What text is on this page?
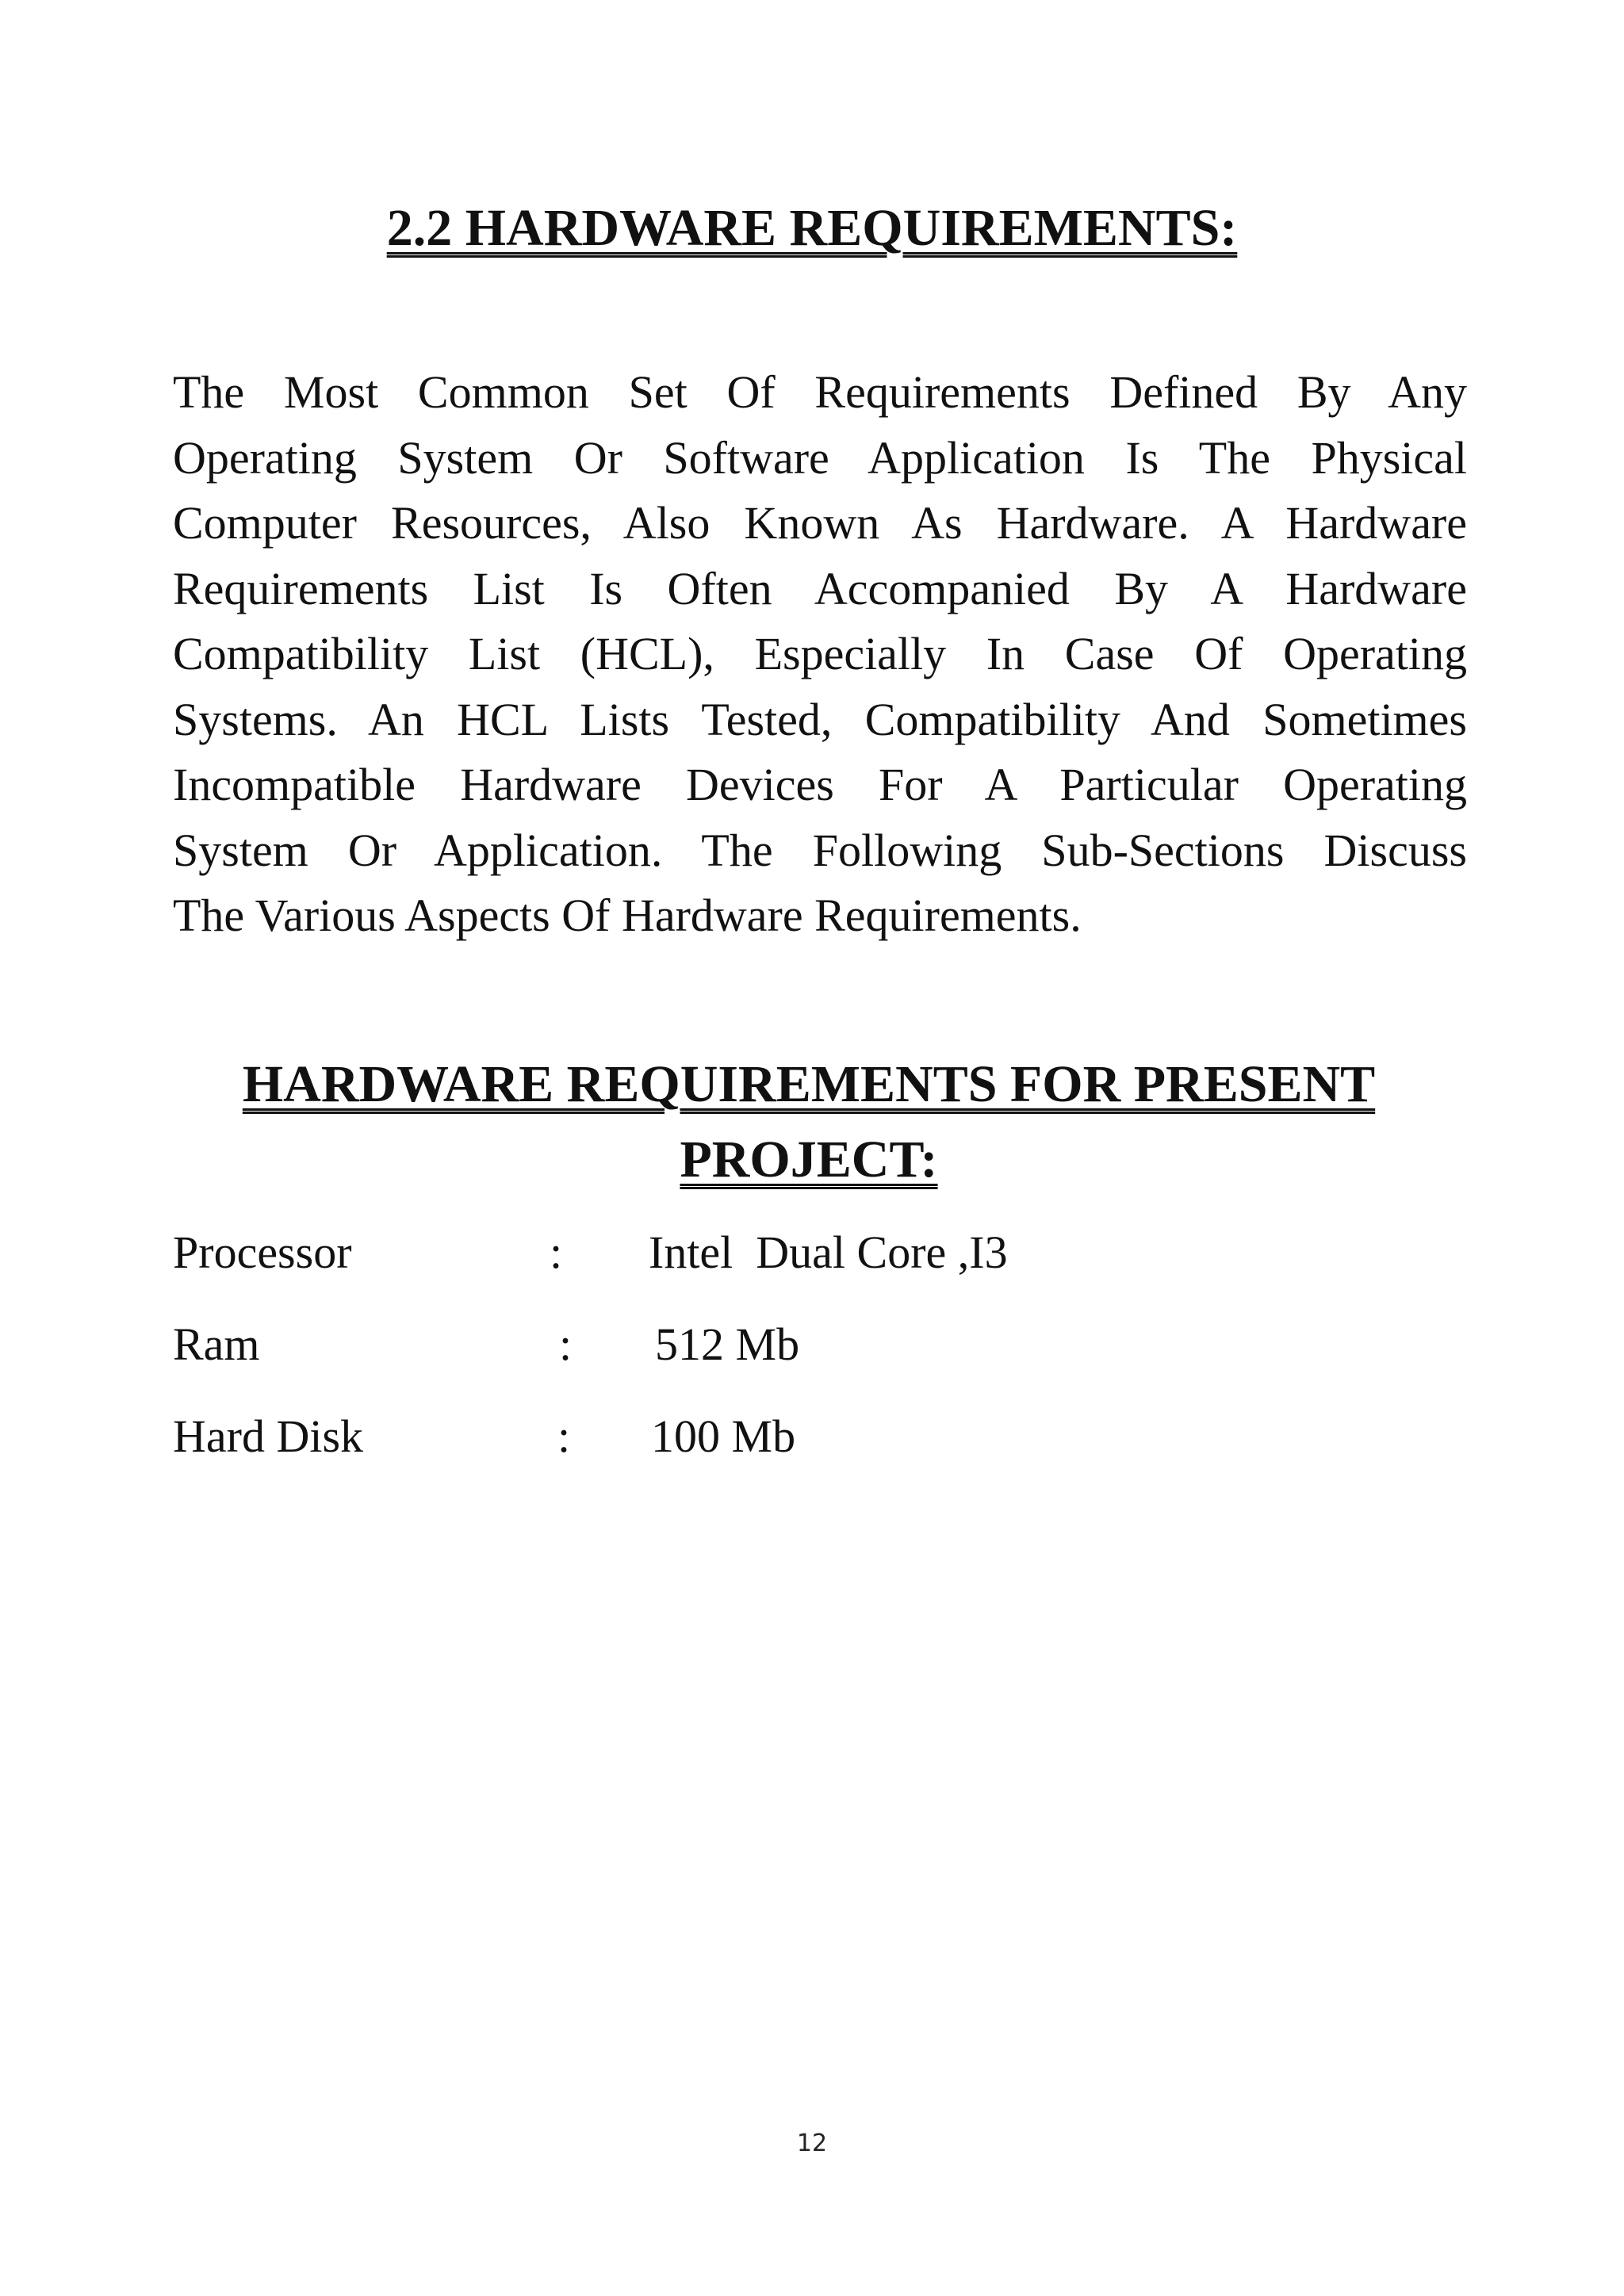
2.2 HARDWARE REQUIREMENTS:

The Most Common Set Of Requirements Defined By Any
Operating System Or Software Application Is The Physical
Computer Resources, Also Known As Hardware. A Hardware
Requirements List Is Often Accompanied By A Hardware
Compatibility List (HCL), Especially In Case Of Operating
Systems. An HCL Lists Tested, Compatibility And Sometimes
Incompatible Hardware Devices For A Particular Operating
System Or Application. The Following Sub-Sections Discuss
The Various Aspects Of Hardware Requirements.

HARDWARE REQUIREMENTS FOR PRESENT
PROJECT:
Processor	: Intel  Dual Core ,I3
Ram	: 512 Mb
Hard Disk	: 100 Mb
12
